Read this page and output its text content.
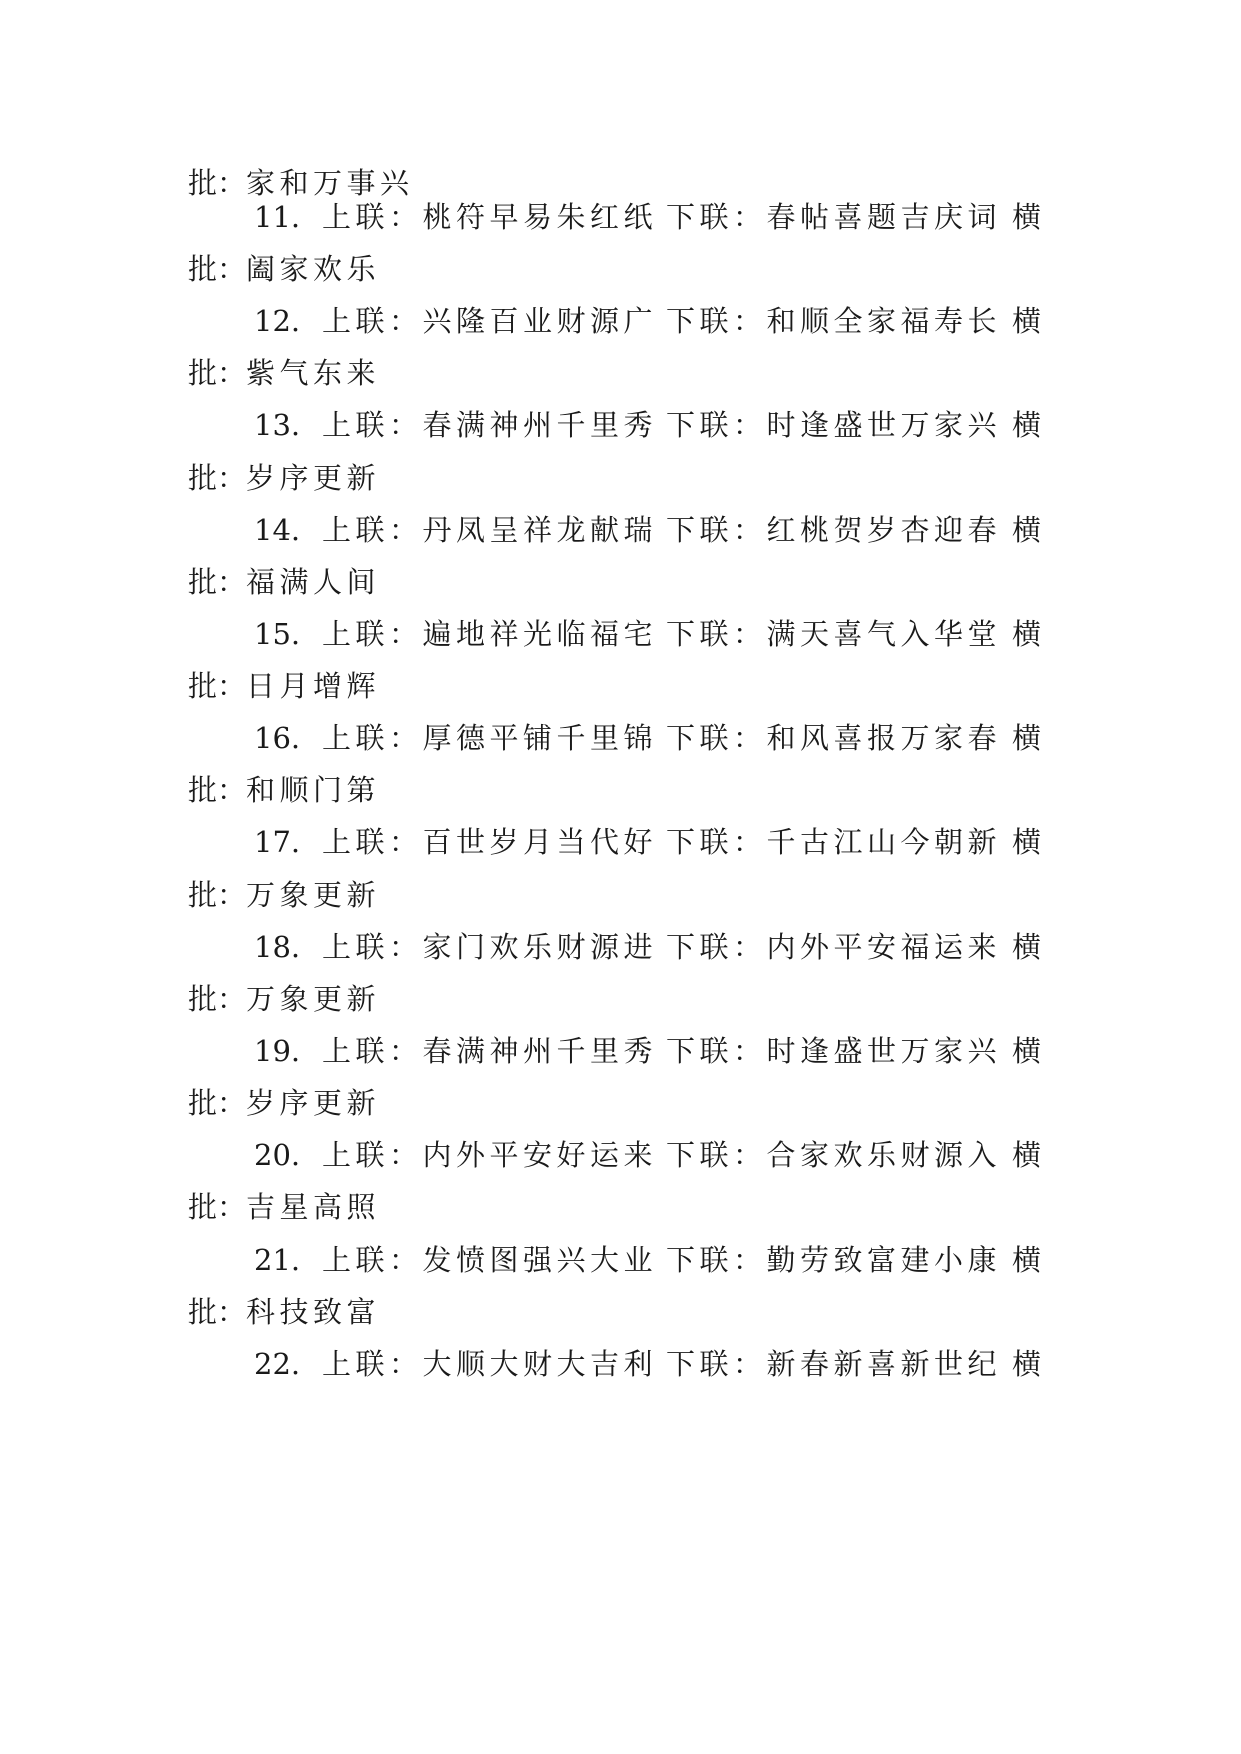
批：家和万事兴
11. 上联：桃符早易朱红纸 下联：春帖喜题吉庆词 横
批：阖家欢乐
12. 上联：兴隆百业财源广 下联：和顺全家福寿长 横
批：紫气东来
13. 上联：春满神州千里秀 下联：时逢盛世万家兴 横
批：岁序更新
14. 上联：丹凤呈祥龙献瑞 下联：红桃贺岁杏迎春 横
批：福满人间
15. 上联：遍地祥光临福宅 下联：满天喜气入华堂 横
批：日月增辉
16. 上联：厚德平铺千里锦 下联：和风喜报万家春 横
批：和顺门第
17. 上联：百世岁月当代好 下联：千古江山今朝新 横
批：万象更新
18. 上联：家门欢乐财源进 下联：内外平安福运来 横
批：万象更新
19. 上联：春满神州千里秀 下联：时逢盛世万家兴 横
批：岁序更新
20. 上联：内外平安好运来 下联：合家欢乐财源入 横
批：吉星高照
21. 上联：发愤图强兴大业 下联：勤劳致富建小康 横
批：科技致富
22. 上联：大顺大财大吉利 下联：新春新喜新世纪 横
